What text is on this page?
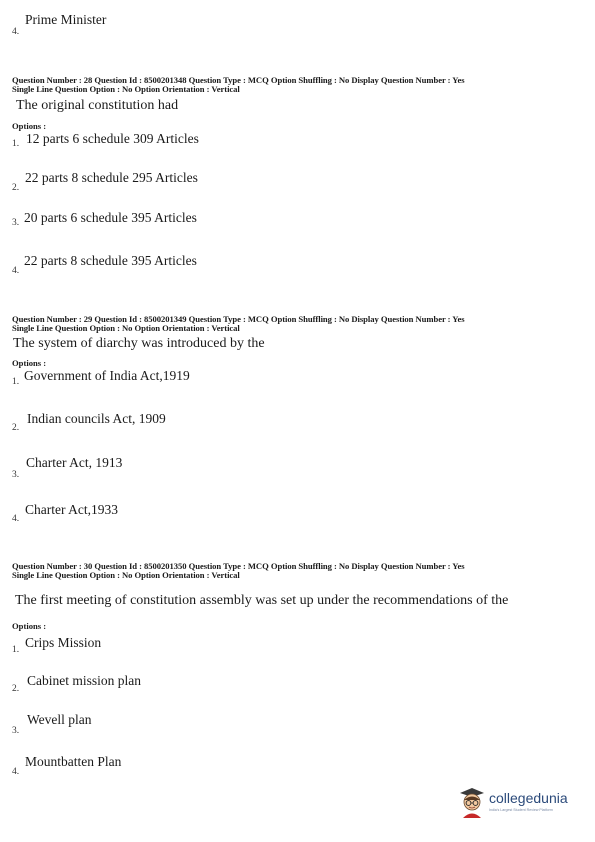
Prime Minister
4.
Question Number : 28 Question Id : 8500201348 Question Type : MCQ Option Shuffling : No Display Question Number : Yes
Single Line Question Option : No Option Orientation : Vertical
The original constitution had
Options :
1. 12 parts 6 schedule 309 Articles
2.
22 parts 8 schedule 295 Articles
3. 20 parts 6 schedule 395 Articles
4.
22 parts 8 schedule 395 Articles
Question Number : 29 Question Id : 8500201349 Question Type : MCQ Option Shuffling : No Display Question Number : Yes
Single Line Question Option : No Option Orientation : Vertical
The system of diarchy was introduced by the
Options :
1. Government of India Act,1919
2.
Indian councils Act, 1909
3.
Charter Act, 1913
4.
Charter Act,1933
Question Number : 30 Question Id : 8500201350 Question Type : MCQ Option Shuffling : No Display Question Number : Yes
Single Line Question Option : No Option Orientation : Vertical
The first meeting of constitution assembly was set up under the recommendations of the
Options :
1. Crips Mission
2.
Cabinet mission plan
3.
Wevell plan
4.
Mountbatten Plan
collegedunia
India's Largest Student Review Platform
